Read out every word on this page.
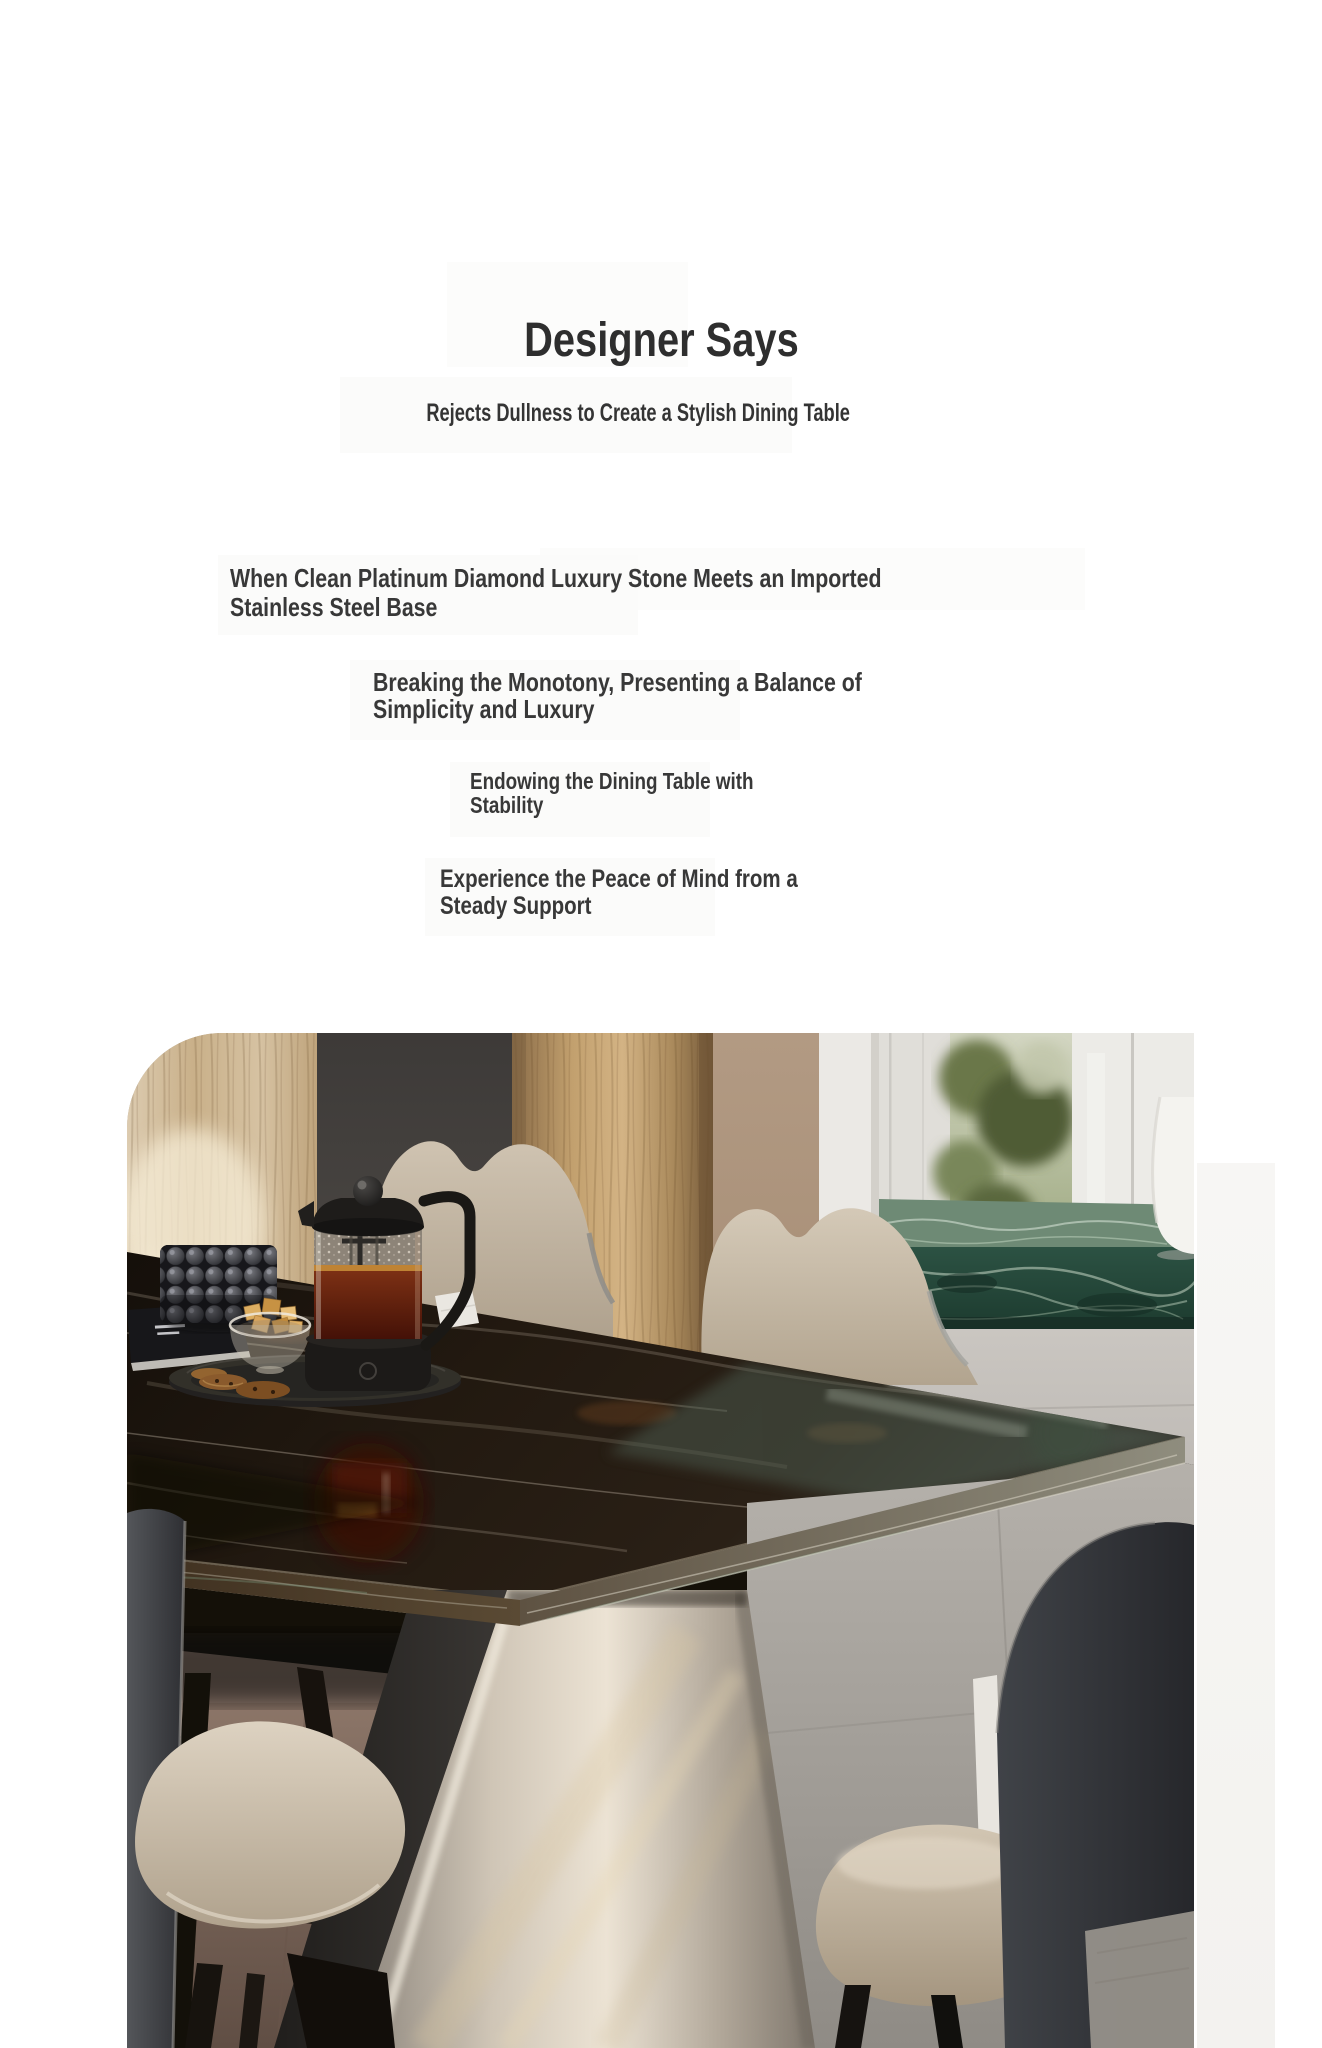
Designer Says
Rejects Dullness to Create a Stylish Dining Table
When Clean Platinum Diamond Luxury Stone Meets an Imported
Stainless Steel Base
Breaking the Monotony, Presenting a Balance of
Simplicity and Luxury
Endowing the Dining Table with
Stability
Experience the Peace of Mind from a
Steady Support
